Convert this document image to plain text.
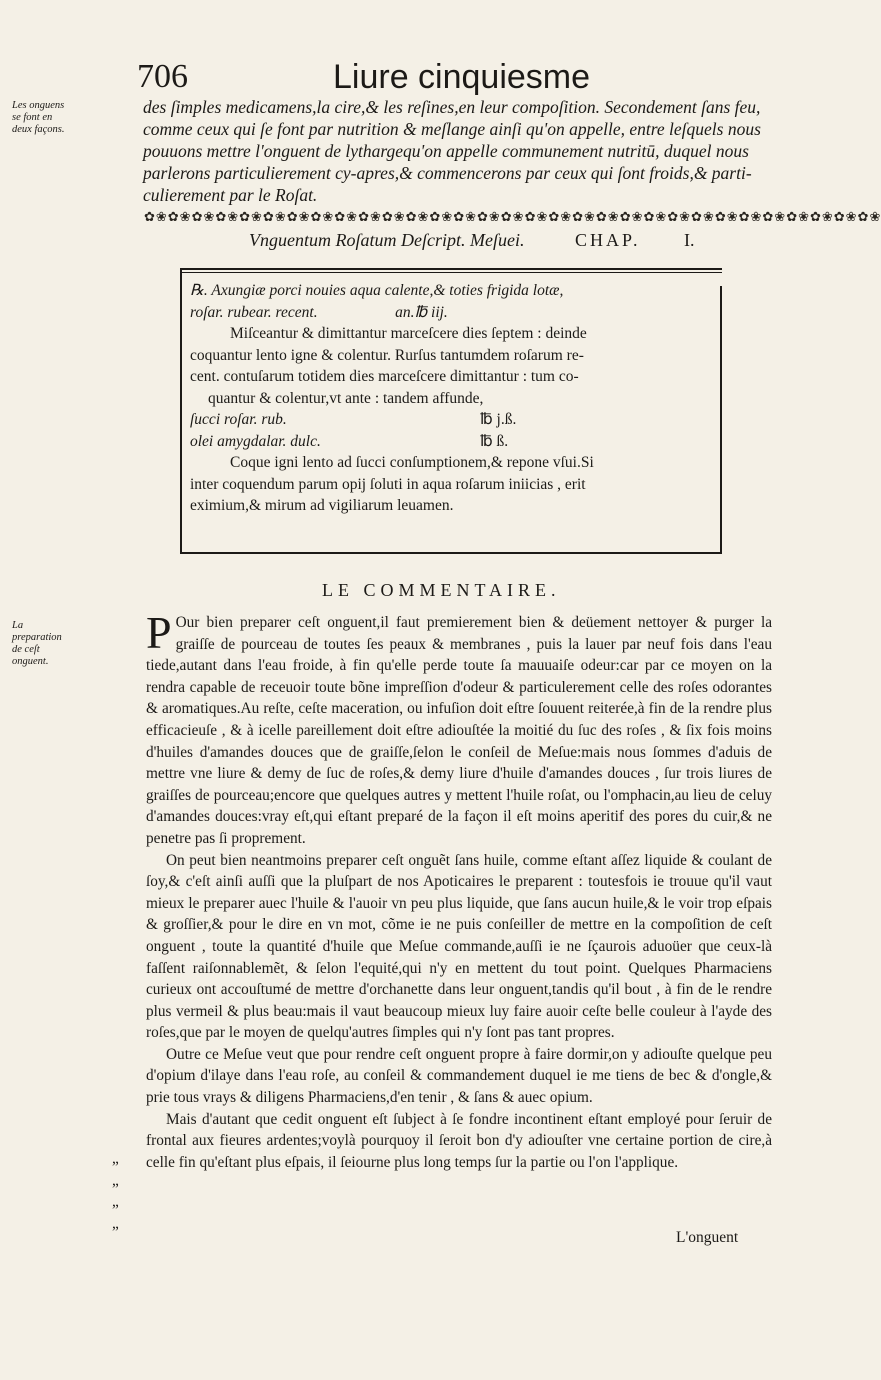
706	Liure cinquiesme
Les onguens se font en deux façons.
La preparation de ceſt onguent.
des ſimples medicamens,la cire,& les reſines,en leur compoſition. Secondement ſans feu,
comme ceux qui ſe font par nutrition & meſlange ainſi qu'on appelle, entre leſquels nous
pouuons mettre l'onguent de lythargequ'on appelle communement nutritū, duquel nous
parlerons particulierement cy-apres,& commencerons par ceux qui ſont froids,& parti-
culierement par le Roſat.
✿❀✿❀✿❀✿❀✿❀✿❀✿❀✿❀✿❀✿❀✿❀✿❀✿❀✿❀✿❀✿❀✿❀✿❀✿❀✿❀✿❀✿❀✿❀✿❀✿❀✿❀✿❀✿❀✿❀✿❀✿❀
Vnguentum Roſatum Deſcript. Meſuei.	CHAP. I.
℞. Axungiæ porci nouies aqua calente,& toties frigida lotæ,
roſar. rubear. recent.                    an.℔ iij.
Miſceantur & dimittantur marceſcere dies ſeptem : deinde
coquantur lento igne & colentur. Rurſus tantumdem roſarum re-
cent. contuſarum totidem dies marceſcere dimittantur : tum co-
quantur & colentur,vt ante : tandem affunde,
ſucci roſar. rub.	℔ j.ß.
olei amygdalar. dulc.	℔ ß.
Coque igni lento ad ſucci conſumptionem,& repone vſui.Si
inter coquendum parum opij ſoluti in aqua roſarum iniicias , erit
eximium,& mirum ad vigiliarum leuamen.
LE COMMENTAIRE.

P Our bien preparer ceſt onguent,il faut premierement bien & deüement nettoyer & purger la graiſſe de pourceau de toutes ſes peaux & membranes , puis la lauer par neuf fois dans l'eau tiede,autant dans l'eau froide, à fin qu'elle perde toute ſa mauuaiſe odeur:car par ce moyen on la rendra capable de receuoir toute bõne impreſſion d'odeur & particulerement celle des roſes odorantes & aromatiques.Au reſte, ceſte maceration, ou infuſion doit eſtre ſouuent reiterée,à fin de la rendre plus efficacieuſe , & à icelle pareillement doit eſtre adiouſtée la moitié du ſuc des roſes , & ſix fois moins d'huiles d'amandes douces que de graiſſe,ſelon le conſeil de Meſue:mais nous ſommes d'aduis de mettre vne liure & demy de ſuc de roſes,& demy liure d'huile d'amandes douces , ſur trois liures de graiſſes de pourceau;encore que quelques autres y mettent l'huile roſat, ou l'omphacin,au lieu de celuy d'amandes douces:vray eſt,qui eſtant preparé de la façon il eſt moins aperitif des pores du cuir,& ne penetre pas ſi proprement.

On peut bien neantmoins preparer ceſt onguẽt ſans huile, comme eſtant aſſez liquide & coulant de ſoy,& c'eſt ainſi auſſi que la pluſpart de nos Apoticaires le preparent : toutesfois ie trouue qu'il vaut mieux le preparer auec l'huile & l'auoir vn peu plus liquide, que ſans aucun huile,& le voir trop eſpais & groſſier,& pour le dire en vn mot, cõme ie ne puis conſeiller de mettre en la compoſition de ceſt onguent , toute la quantité d'huile que Meſue commande,auſſi ie ne ſçaurois aduoüer que ceux-là faſſent raiſonnablemẽt, & ſelon l'equité,qui n'y en mettent du tout point. Quelques Pharmaciens curieux ont accouſtumé de mettre d'orchanette dans leur onguent,tandis qu'il bout , à fin de le rendre plus vermeil & plus beau:mais il vaut beaucoup mieux luy faire auoir ceſte belle couleur à l'ayde des roſes,que par le moyen de quelqu'autres ſimples qui n'y ſont pas tant propres.

Outre ce Meſue veut que pour rendre ceſt onguent propre à faire dormir,on y adiouſte quelque peu d'opium d'ilaye dans l'eau roſe, au conſeil & commandement duquel ie me tiens de bec & d'ongle,& prie tous vrays & diligens Pharmaciens,d'en tenir , & ſans & auec opium.

Mais d'autant que cedit onguent eſt ſubject à ſe fondre incontinent eſtant employé pour ſeruir de frontal aux fieures ardentes;voylà pourquoy il ſeroit bon d'y adiouſter vne certaine portion de cire,à celle fin qu'eſtant plus eſpais, il ſeiourne plus long temps ſur la partie ou l'on l'applique.

„
„
„
„
L'onguent
